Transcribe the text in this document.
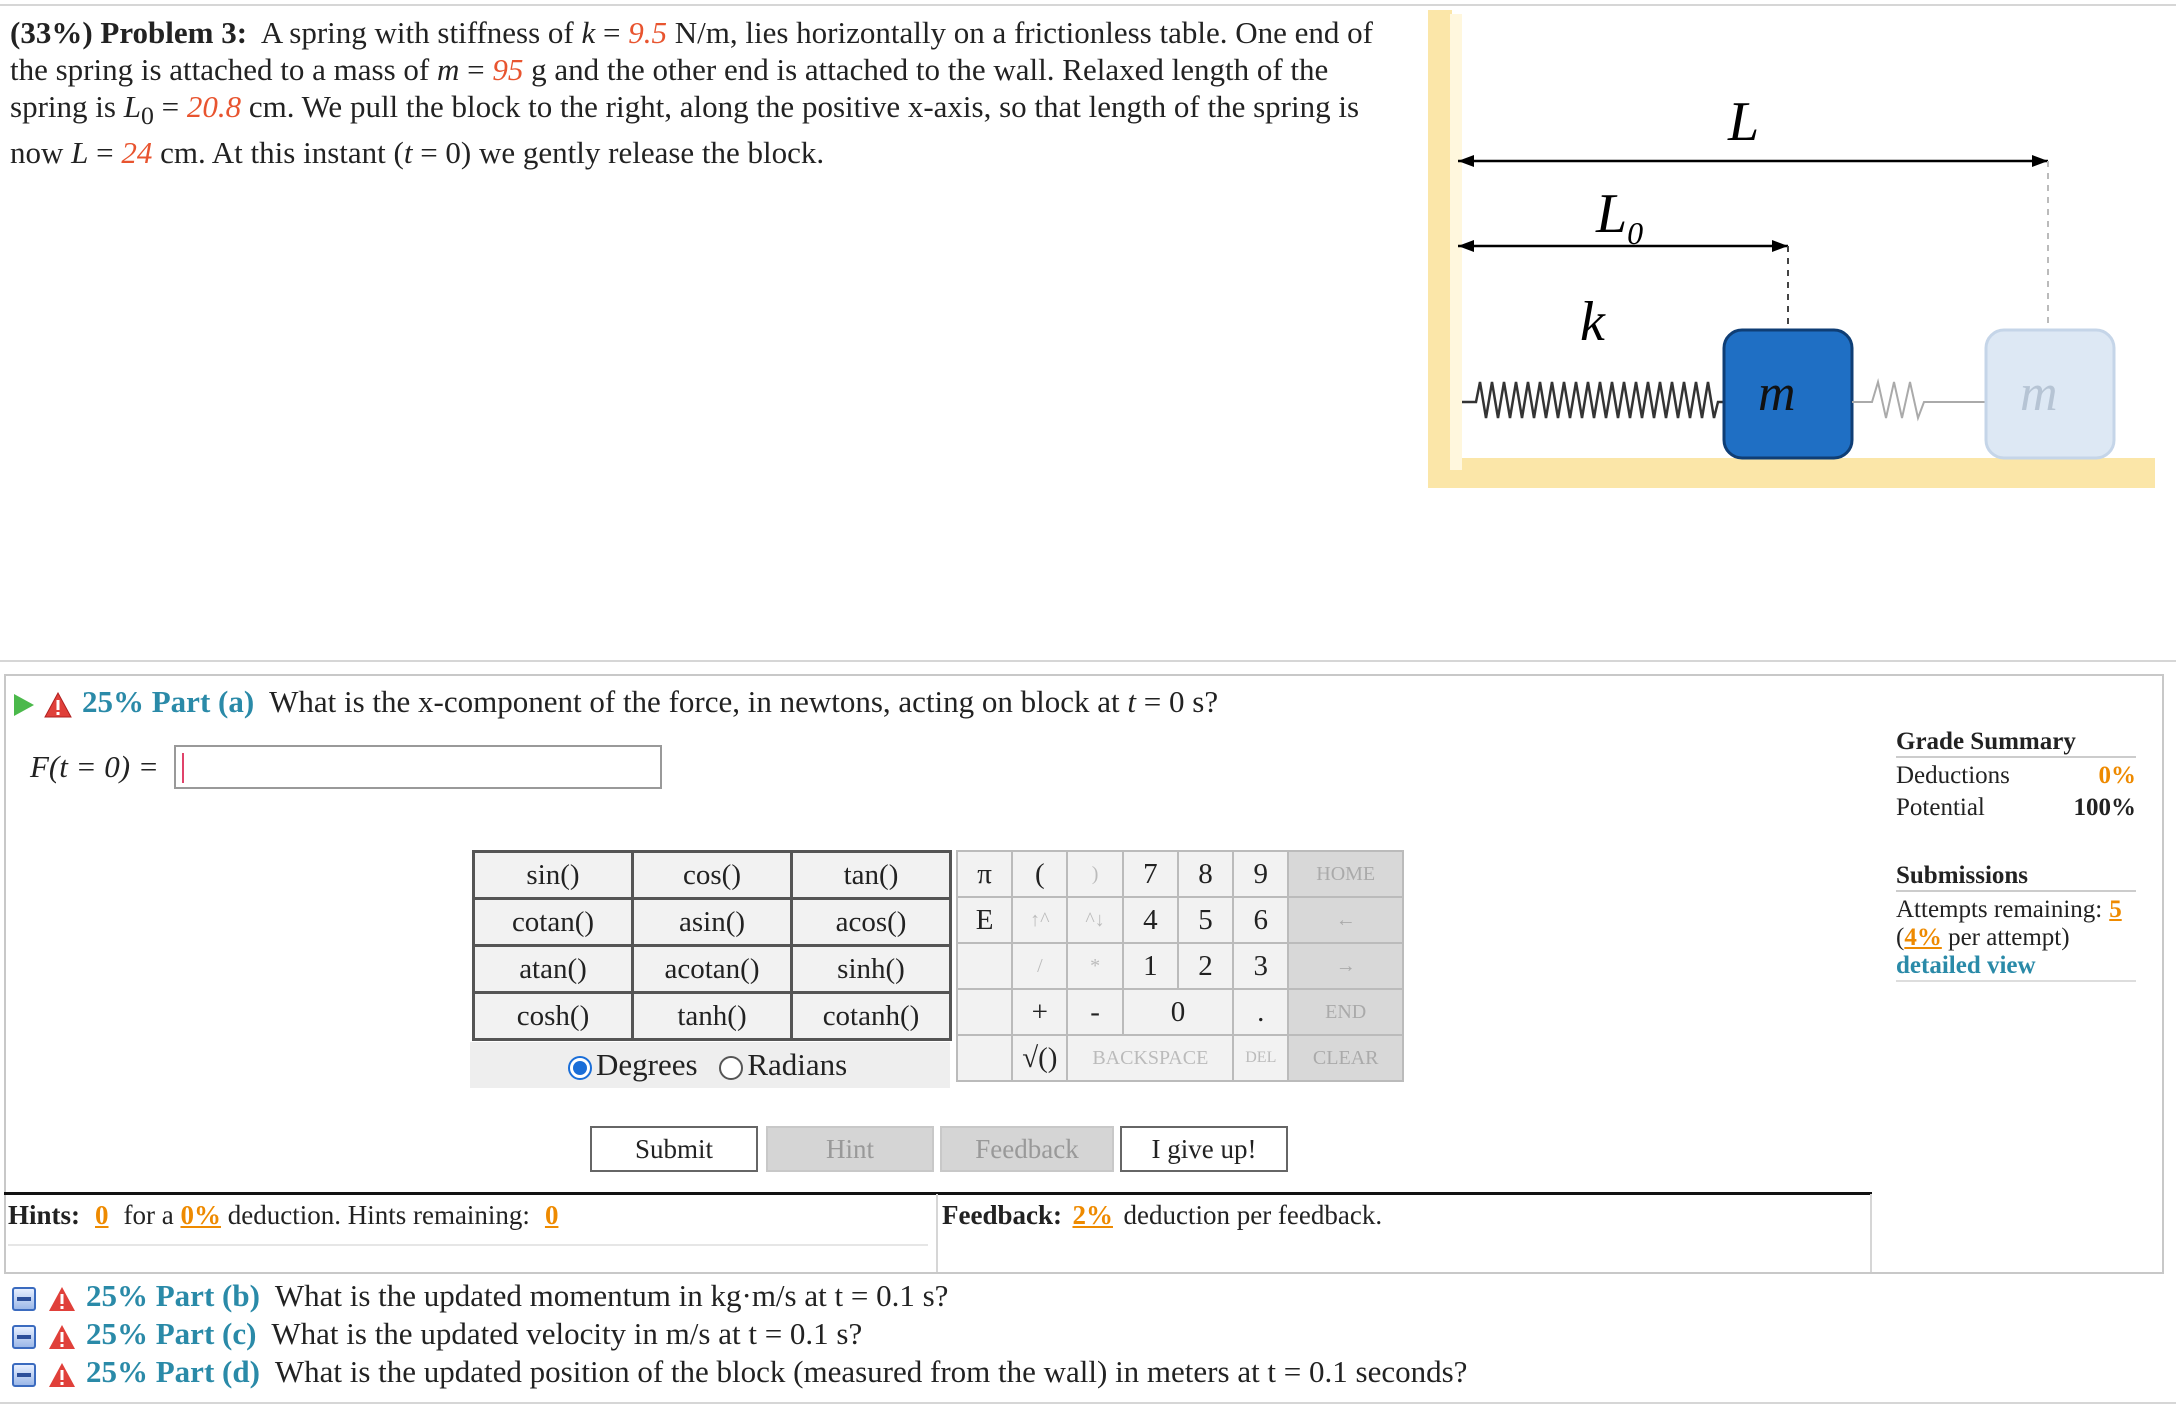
(33%) Problem 3: A spring with stiffness of k = 9.5 N/m, lies horizontally on a frictionless table. One end of the spring is attached to a mass of m = 95 g and the other end is attached to the wall. Relaxed length of the spring is $L_0 = 20.8$ cm. We pull the block to the right, along the positive x-axis, so that length of the spring is now L = 24 cm. At this instant (t = 0) we gently release the block.	L
$L_0$
k
m	m
25% Part (a) What is the x-component of the force, in newtons, acting on block at t = 0 s?
F(t = 0) =
sin()	cos()	tan()
cotan()	asin()	acos()
atan()	acotan()	sinh()
cosh()	tanh()	cotanh()
π	(	)	7	8	9	HOME
E	↑^	^↓	4	5	6	←
	/	*	1	2	3	→
	+	-	0		.	END
	√()	BACKSPACE			DEL	CLEAR
Degrees Radians
Submit	Hint	Feedback	I give up!
Hints: 0 for a 0% deduction. Hints remaining: 0	Feedback: 2% deduction per feedback.
Grade Summary
Deductions	0%
Potential	100%
Submissions
Attempts remaining: 5
(4% per attempt)
detailed view
25% Part (b) What is the updated momentum in kg·m/s at t = 0.1 s?
25% Part (c) What is the updated velocity in m/s at t = 0.1 s?
25% Part (d) What is the updated position of the block (measured from the wall) in meters at t = 0.1 seconds?
